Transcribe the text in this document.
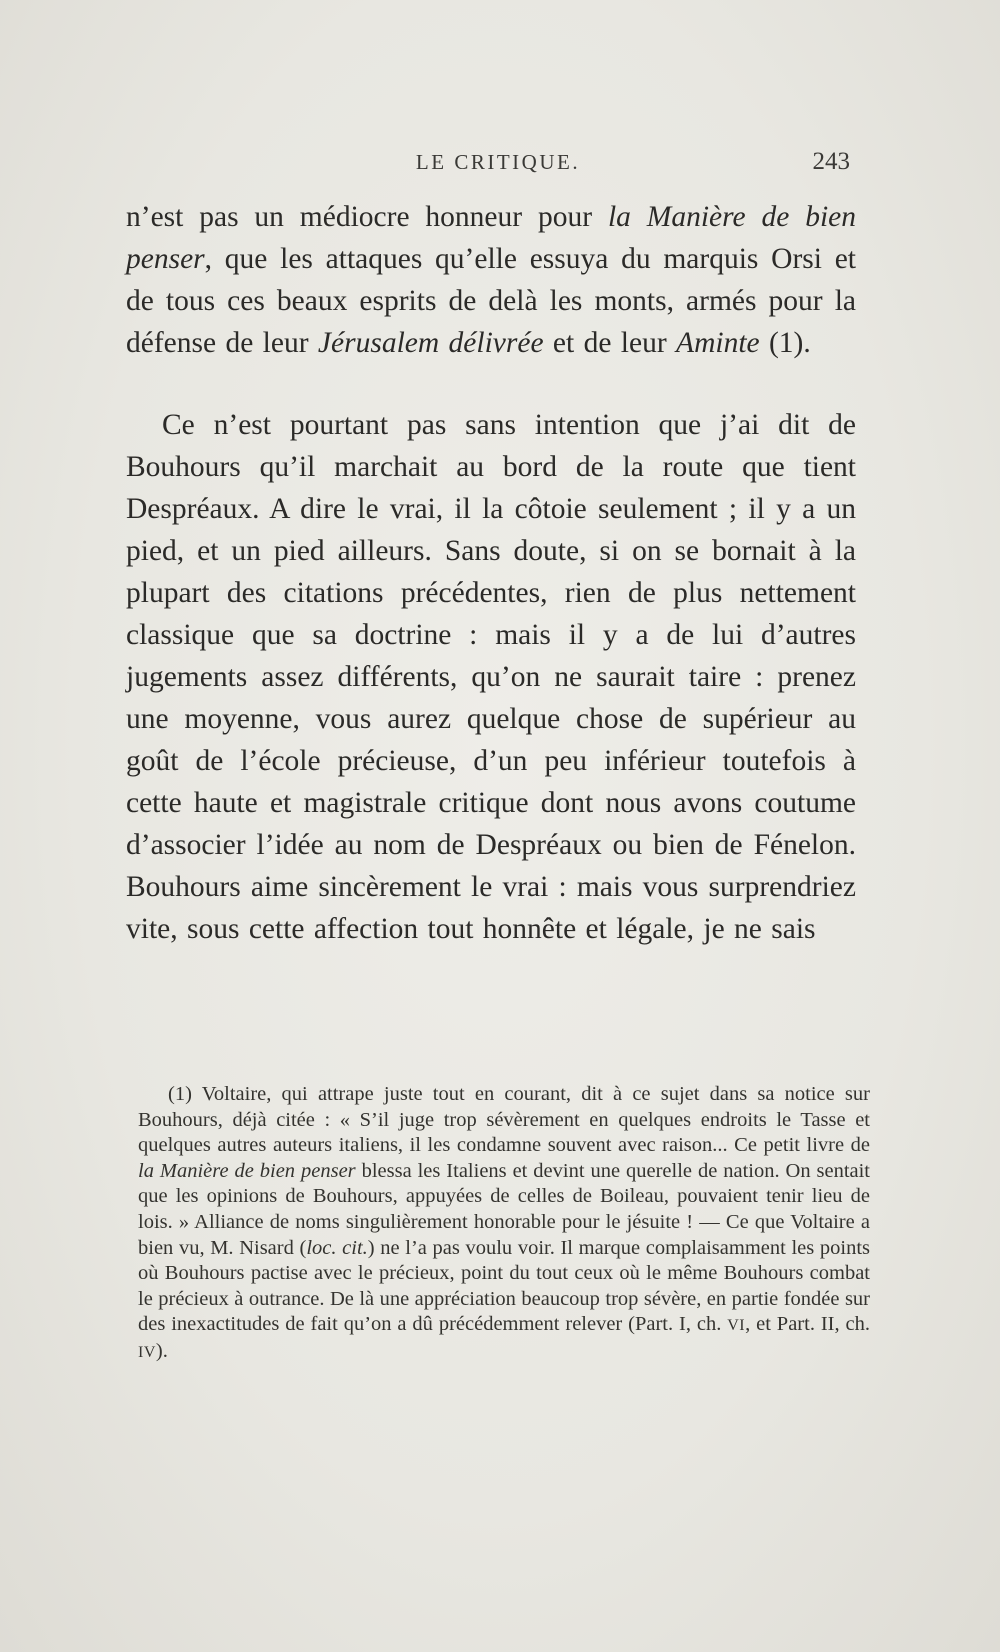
LE CRITIQUE.	243

n’est pas un médiocre honneur pour la Manière de bien penser, que les attaques qu’elle essuya du marquis Orsi et de tous ces beaux esprits de delà les monts, armés pour la défense de leur Jérusalem délivrée et de leur Aminte (1).

Ce n’est pourtant pas sans intention que j’ai dit de Bouhours qu’il marchait au bord de la route que tient Despréaux. A dire le vrai, il la côtoie seulement ; il y a un pied, et un pied ailleurs. Sans doute, si on se bornait à la plupart des citations précédentes, rien de plus nettement classique que sa doctrine : mais il y a de lui d’autres jugements assez différents, qu’on ne saurait taire : prenez une moyenne, vous aurez quelque chose de supérieur au goût de l’école précieuse, d’un peu inférieur toutefois à cette haute et magistrale critique dont nous avons coutume d’associer l’idée au nom de Despréaux ou bien de Fénelon. Bouhours aime sincèrement le vrai : mais vous surprendriez vite, sous cette affection tout honnête et légale, je ne sais

(1) Voltaire, qui attrape juste tout en courant, dit à ce sujet dans sa notice sur Bouhours, déjà citée : « S’il juge trop sévèrement en quelques endroits le Tasse et quelques autres auteurs italiens, il les condamne souvent avec raison... Ce petit livre de la Manière de bien penser blessa les Italiens et devint une querelle de nation. On sentait que les opinions de Bouhours, appuyées de celles de Boileau, pouvaient tenir lieu de lois. » Alliance de noms singulièrement honorable pour le jésuite ! — Ce que Voltaire a bien vu, M. Nisard (loc. cit.) ne l’a pas voulu voir. Il marque complaisamment les points où Bouhours pactise avec le précieux, point du tout ceux où le même Bouhours combat le précieux à outrance. De là une appréciation beaucoup trop sévère, en partie fondée sur des inexactitudes de fait qu’on a dû précédemment relever (Part. I, ch. VI, et Part. II, ch. IV).
